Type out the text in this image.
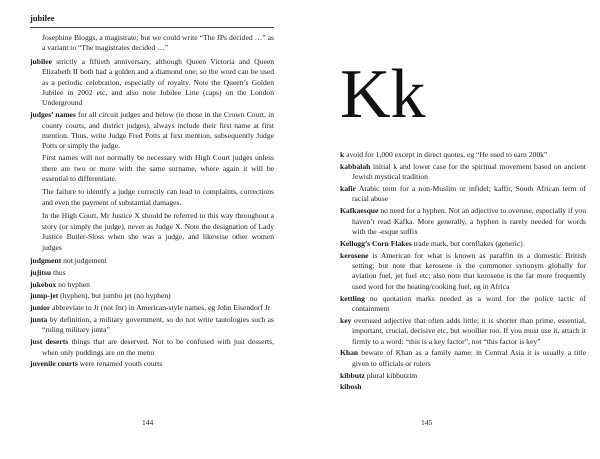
jubilee

Josephine Bloggs, a magistrate; but we could write “The JPs decided …” as a variant to “The magistrates decided …”

jubilee strictly a fiftieth anniversary, although Queen Victoria and Queen Elizabeth II both had a golden and a diamond one; so the word can be used as a periodic celebration, especially of royalty. Note the Queen’s Golden Jubilee in 2002 etc, and also note Jubilee Line (caps) on the London Underground

judges’ names for all circuit judges and below (ie those in the Crown Court, in county courts, and district judges), always include their first name at first mention. Thus, write Judge Fred Potts at first mention, subsequently Judge Potts or simply the judge.

First names will not normally be necessary with High Court judges unless there are two or more with the same surname, where again it will be essential to differentiate.

The failure to identify a judge correctly can lead to complaints, corrections and even the payment of substantial damages.

In the High Court, Mr Justice X should be referred to this way throughout a story (or simply the judge), never as Judge X. Note the designation of Lady Justice Butler-Sloss when she was a judge, and likewise other women judges

judgment not judgement

jujitsu thus

jukebox no hyphen

jump-jet (hyphen), but jumbo jet (no hyphen)

junior abbreviate to Jr (not Jnr) in American-style names, eg John Eisendorf Jr

junta by definition, a military government, so do not write tautologies such as “ruling military junta”

just deserts things that are deserved. Not to be confused with just desserts, when only puddings are on the menu

juvenile courts were renamed youth courts

144
Kk

k avoid for 1,000 except in direct quotes, eg “He used to earn 200k”

kabbalah initial k and lower case for the spiritual movement based on ancient Jewish mystical tradition

kafir Arabic term for a non-Muslim or infidel; kaffir, South African term of racial abuse

Kafkaesque no need for a hyphen. Not an adjective to overuse, especially if you haven’t read Kafka. More generally, a hyphen is rarely needed for words with the -esque suffix

Kellogg’s Corn Flakes trade mark, but cornflakes (generic)

kerosene is American for what is known as paraffin in a domestic British setting; but note that kerosene is the commoner synonym globally for aviation fuel, jet fuel etc; also note that kerosene is the far more frequently used word for the heating/cooking fuel, eg in Africa

kettling no quotation marks needed as a word for the police tactic of containment

key overused adjective that often adds little; it is shorter than prime, essential, important, crucial, decisive etc, but woollier too. If you must use it, attach it firmly to a word: “this is a key factor”, not “this factor is key”

Khan beware of Khan as a family name: in Central Asia it is usually a title given to officials or rulers

kibbutz plural kibbutzim

kibosh

145
